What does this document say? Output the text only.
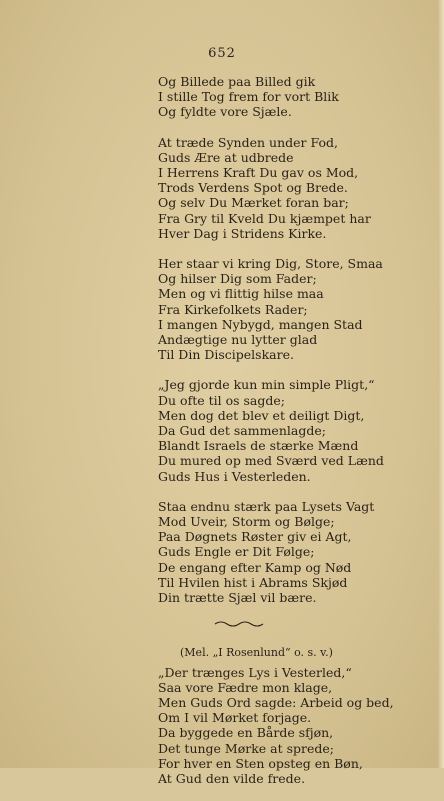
652
Og Billede paa Billed gik
I stille Tog frem for vort Blik
Og fyldte vore Sjæle.
At træde Synden under Fod,
Guds Ære at udbrede
I Herrens Kraft Du gav os Mod,
Trods Verdens Spot og Brede.
Og selv Du Mærket foran bar;
Fra Gry til Kveld Du kjæmpet har
Hver Dag i Stridens Kirke.
Her staar vi kring Dig, Store, Smaa
Og hilser Dig som Fader;
Men og vi flittig hilse maa
Fra Kirkefolkets Rader;
I mangen Nybygd, mangen Stad
Andægtige nu lytter glad
Til Din Discipelskare.
„Jeg gjorde kun min simple Pligt,“
Du ofte til os sagde;
Men dog det blev et deiligt Digt,
Da Gud det sammenlagde;
Blandt Israels de stærke Mænd
Du mured op med Sværd ved Lænd
Guds Hus i Vesterleden.
Staa endnu stærk paa Lysets Vagt
Mod Uveir, Storm og Bølge;
Paa Døgnets Røster giv ei Agt,
Guds Engle er Dit Følge;
De engang efter Kamp og Nød
Til Hvilen hist i Abrams Skjød
Din trætte Sjæl vil bære.
(Mel. „I Rosenlund“ o. s. v.)
„Der trænges Lys i Vesterled,“
Saa vore Fædre mon klage,
Men Guds Ord sagde: Arbeid og bed,
Om I vil Mørket forjage.
Da byggede en Bårde sfjøn,
Det tunge Mørke at sprede;
For hver en Sten opsteg en Bøn,
At Gud den vilde frede.
